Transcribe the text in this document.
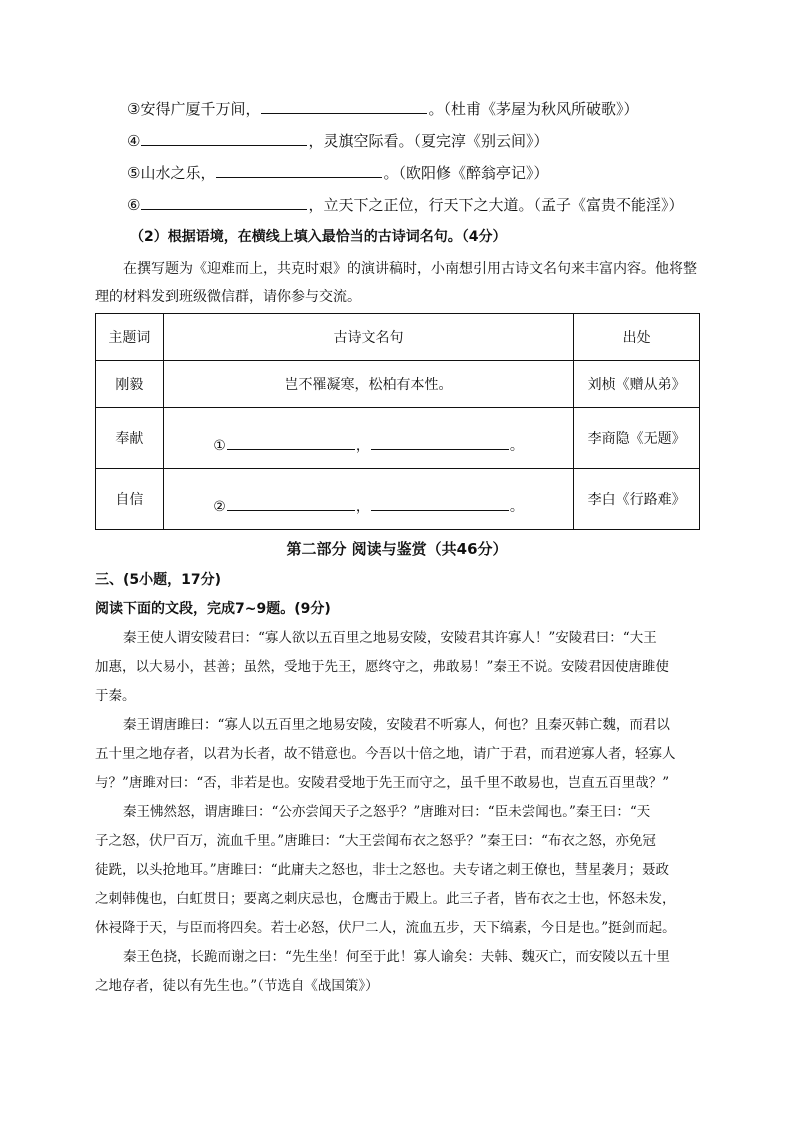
③安得广厦千万间，	。（杜甫《茅屋为秋风所破歌》）
④	，灵旗空际看。（夏完淳《别云间》）
⑤山水之乐，	。（欧阳修《醉翁亭记》）
⑥	，立天下之正位，行天下之大道。（孟子《富贵不能淫》）
（2）根据语境，在横线上填入最恰当的古诗词名句。（4分）

在撰写题为《迎难而上，共克时艰》的演讲稿时，小南想引用古诗文名句来丰富内容。他将整

理的材料发到班级微信群，请你参与交流。

主题词	古诗文名句	出处
刚毅	岂不罹凝寒，松柏有本性。	刘桢《赠从弟》
奉献	① ， 。	李商隐《无题》
自信	② ， 。	李白《行路难》
第二部分 阅读与鉴赏（共46分）
三、(5小题，17分)
阅读下面的文段，完成7~9题。(9分)

秦王使人谓安陵君曰：“寡人欲以五百里之地易安陵，安陵君其许寡人！”安陵君曰：“大王

加惠，以大易小，甚善；虽然，受地于先王，愿终守之，弗敢易！”秦王不说。安陵君因使唐雎使

于秦。

秦王谓唐雎曰：“寡人以五百里之地易安陵，安陵君不听寡人，何也？且秦灭韩亡魏，而君以

五十里之地存者，以君为长者，故不错意也。今吾以十倍之地，请广于君，而君逆寡人者，轻寡人

与？”唐雎对曰：“否，非若是也。安陵君受地于先王而守之，虽千里不敢易也，岂直五百里哉？”

秦王怫然怒，谓唐雎曰：“公亦尝闻天子之怒乎？”唐雎对曰：“臣未尝闻也。”秦王曰：“天

子之怒，伏尸百万，流血千里。”唐雎曰：“大王尝闻布衣之怒乎？”秦王曰：“布衣之怒，亦免冠

徒跣，以头抢地耳。”唐雎曰：“此庸夫之怒也，非士之怒也。夫专诸之刺王僚也，彗星袭月；聂政

之刺韩傀也，白虹贯日；要离之刺庆忌也，仓鹰击于殿上。此三子者，皆布衣之士也，怀怒未发，

休祲降于天，与臣而将四矣。若士必怒，伏尸二人，流血五步，天下缟素，今日是也。”挺剑而起。

秦王色挠，长跪而谢之曰：“先生坐！何至于此！寡人谕矣：夫韩、魏灭亡，而安陵以五十里

之地存者，徒以有先生也。”（节选自《战国策》）
